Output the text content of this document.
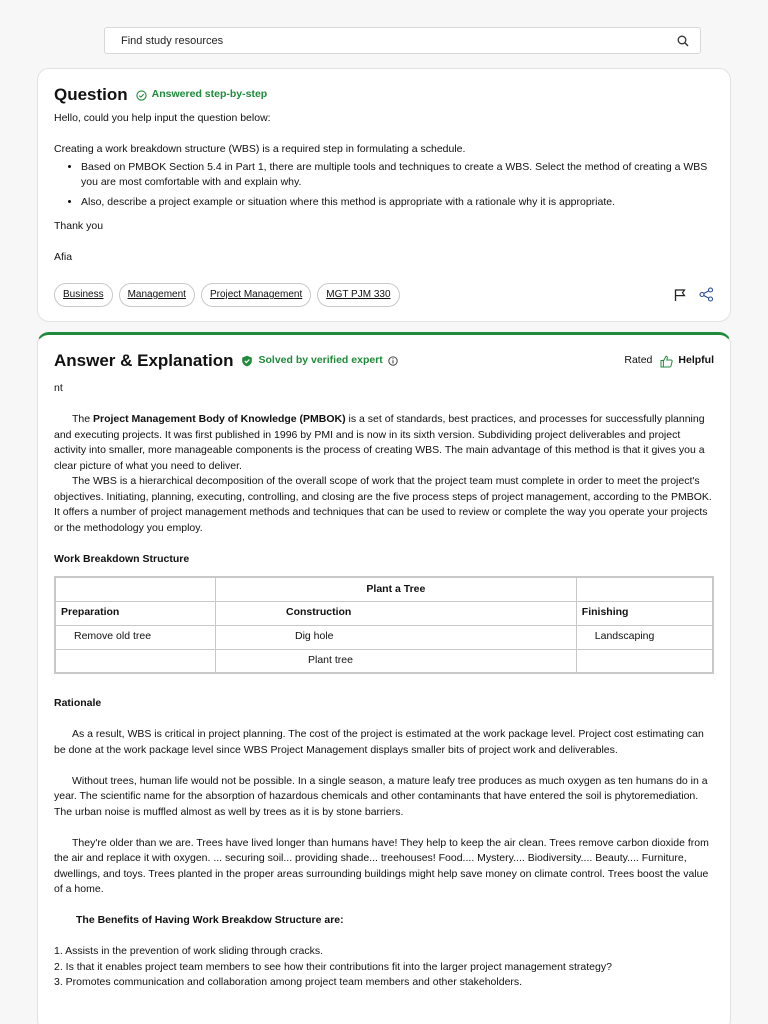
Find study resources
Question Answered step-by-step

Hello, could you help input the question below:

Creating a work breakdown structure (WBS) is a required step in formulating a schedule.

• Based on PMBOK Section 5.4 in Part 1, there are multiple tools and techniques to create a WBS. Select the method of creating a WBS you are most comfortable with and explain why.
• Also, describe a project example or situation where this method is appropriate with a rationale why it is appropriate.

Thank you

Afia

Business	Management	Project Management	MGT PJM 330
Answer & Explanation Solved by verified expert	Rated Helpful

nt

The Project Management Body of Knowledge (PMBOK) is a set of standards, best practices, and processes for successfully planning and executing projects. It was first published in 1996 by PMI and is now in its sixth version. Subdividing project deliverables and project activity into smaller, more manageable components is the process of creating WBS. The main advantage of this method is that it gives you a clear picture of what you need to deliver.

The WBS is a hierarchical decomposition of the overall scope of work that the project team must complete in order to meet the project's objectives. Initiating, planning, executing, controlling, and closing are the five process steps of project management, according to the PMBOK. It offers a number of project management methods and techniques that can be used to review or complete the way you operate your projects or the methodology you employ.

Work Breakdown Structure

	Plant a Tree	
Preparation	Construction	Finishing
Remove old tree	Dig hole	Landscaping
	Plant tree	

Rationale

As a result, WBS is critical in project planning. The cost of the project is estimated at the work package level. Project cost estimating can be done at the work package level since WBS Project Management displays smaller bits of project work and deliverables.

Without trees, human life would not be possible. In a single season, a mature leafy tree produces as much oxygen as ten humans do in a year. The scientific name for the absorption of hazardous chemicals and other contaminants that have entered the soil is phytoremediation. The urban noise is muffled almost as well by trees as it is by stone barriers.

They're older than we are. Trees have lived longer than humans have! They help to keep the air clean. Trees remove carbon dioxide from the air and replace it with oxygen. ... securing soil... providing shade... treehouses! Food.... Mystery.... Biodiversity.... Beauty.... Furniture, dwellings, and toys. Trees planted in the proper areas surrounding buildings might help save money on climate control. Trees boost the value of a home.

The Benefits of Having Work Breakdow Structure are:

1. Assists in the prevention of work sliding through cracks.

2. Is that it enables project team members to see how their contributions fit into the larger project management strategy?

3. Promotes communication and collaboration among project team members and other stakeholders.
